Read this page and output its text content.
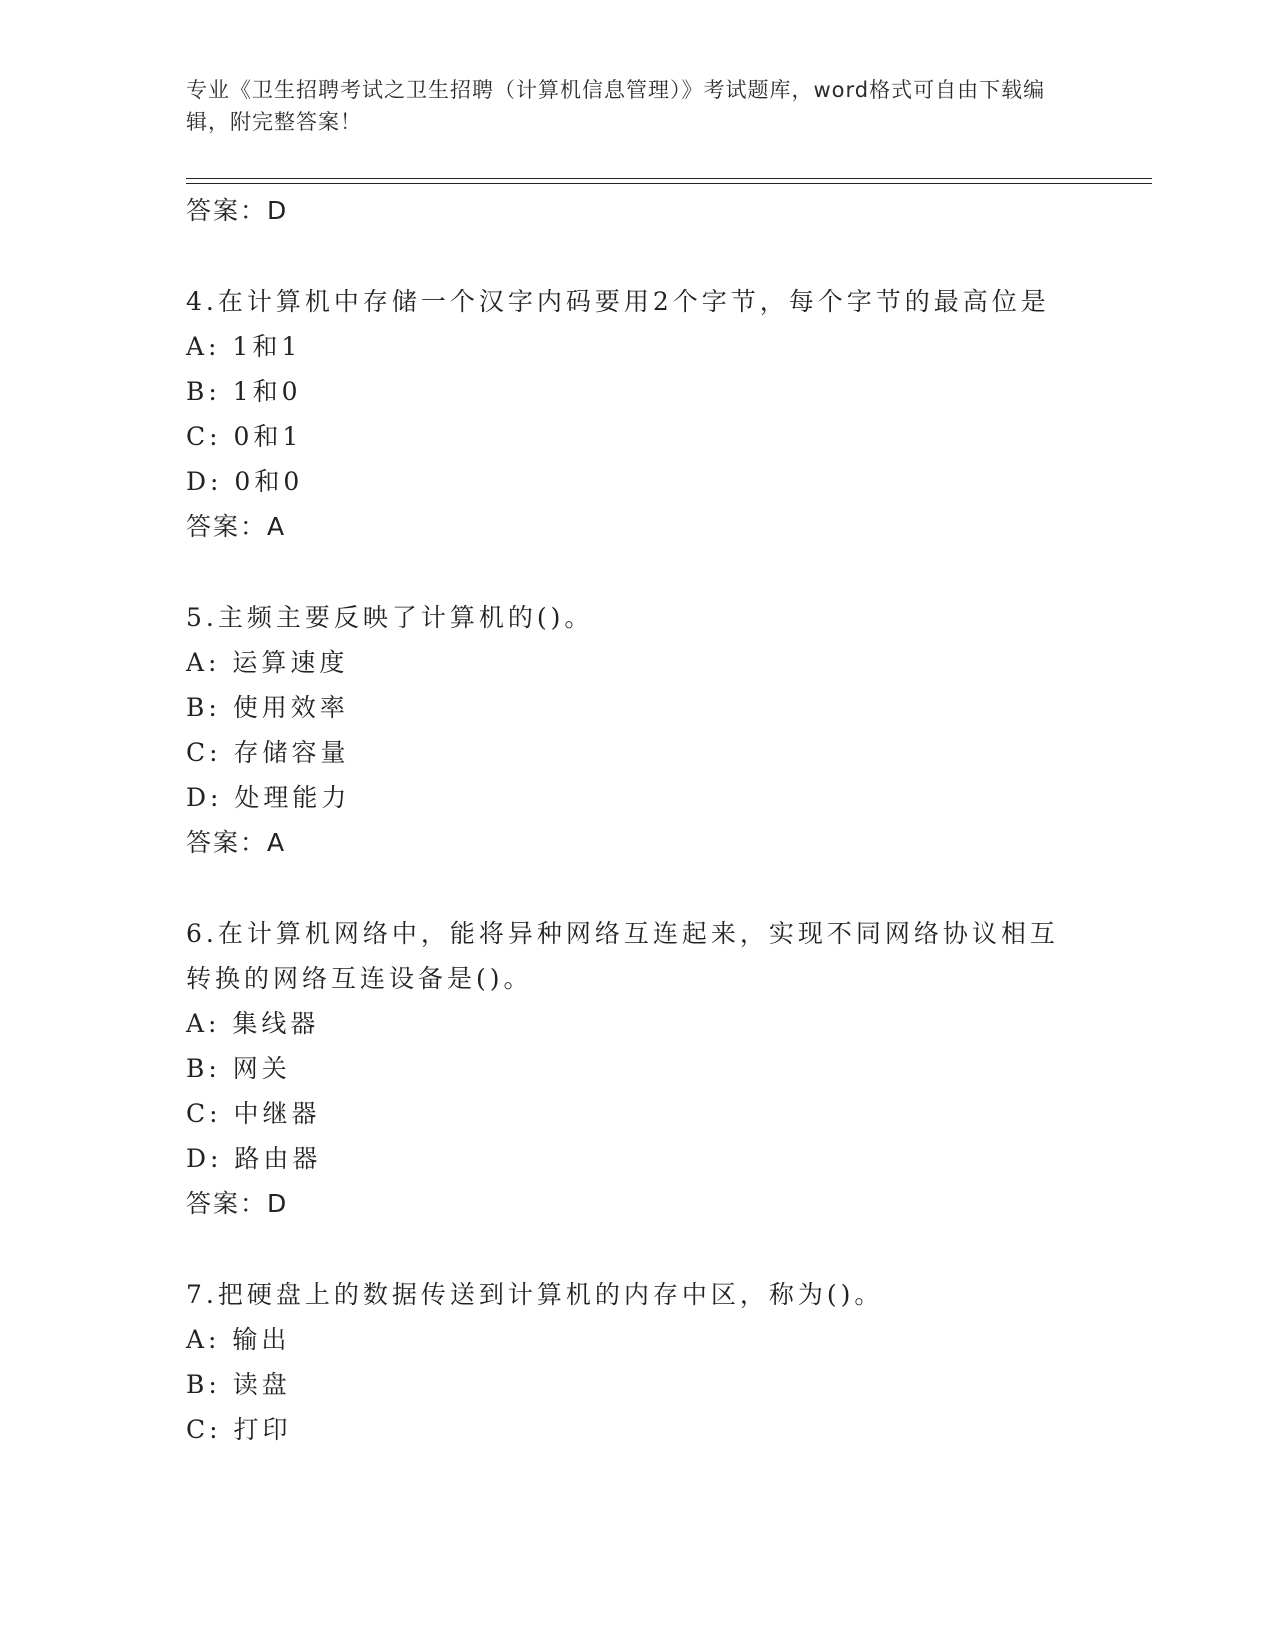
专业《卫生招聘考试之卫生招聘（计算机信息管理）》考试题库，word格式可自由下载编辑，附完整答案！
答案：D
4.在计算机中存储一个汉字内码要用2个字节，每个字节的最高位是
A: 1和1
B: 1和0
C: 0和1
D: 0和0
答案：A
5.主频主要反映了计算机的()。
A: 运算速度
B: 使用效率
C: 存储容量
D: 处理能力
答案：A
6.在计算机网络中，能将异种网络互连起来，实现不同网络协议相互转换的网络互连设备是()。
A: 集线器
B: 网关
C: 中继器
D: 路由器
答案：D
7.把硬盘上的数据传送到计算机的内存中区，称为()。
A: 输出
B: 读盘
C: 打印
